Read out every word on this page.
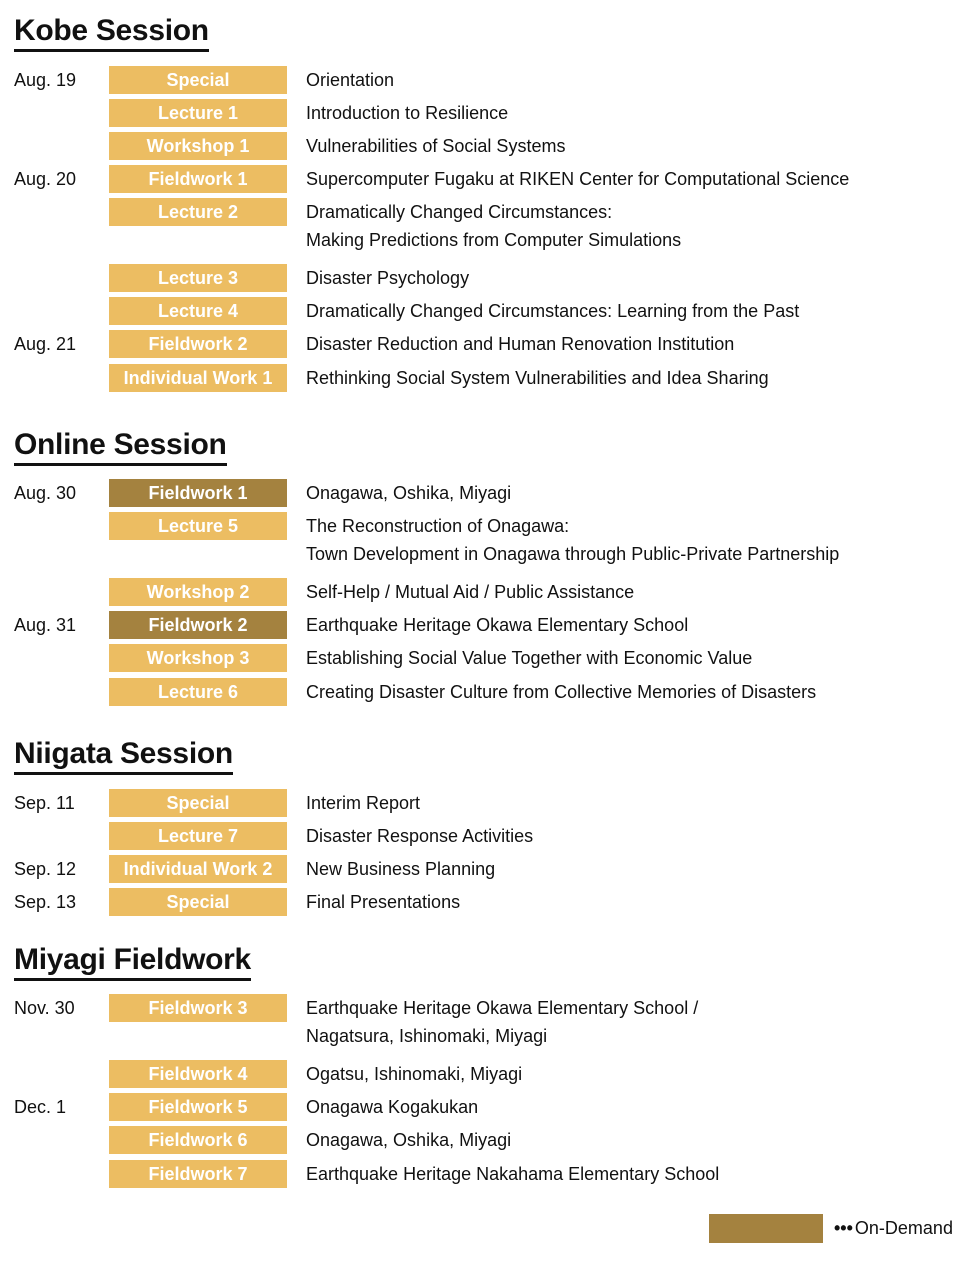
Kobe Session
Aug. 19	Special	Orientation
Lecture 1	Introduction to Resilience
Workshop 1	Vulnerabilities of Social Systems
Aug. 20	Fieldwork 1	Supercomputer Fugaku at RIKEN Center for Computational Science
Lecture 2	Dramatically Changed Circumstances:
Making Predictions from Computer Simulations
Lecture 3	Disaster Psychology
Lecture 4	Dramatically Changed Circumstances: Learning from the Past
Aug. 21	Fieldwork 2	Disaster Reduction and Human Renovation Institution
Individual Work 1	Rethinking Social System Vulnerabilities and Idea Sharing
Online Session
Aug. 30	Fieldwork 1	Onagawa, Oshika, Miyagi
Lecture 5	The Reconstruction of Onagawa:
Town Development in Onagawa through Public-Private Partnership
Workshop 2	Self-Help / Mutual Aid / Public Assistance
Aug. 31	Fieldwork 2	Earthquake Heritage Okawa Elementary School
Workshop 3	Establishing Social Value Together with Economic Value
Lecture 6	Creating Disaster Culture from Collective Memories of Disasters
Niigata Session
Sep. 11	Special	Interim Report
Lecture 7	Disaster Response Activities
Sep. 12	Individual Work 2	New Business Planning
Sep. 13	Special	Final Presentations
Miyagi Fieldwork
Nov. 30	Fieldwork 3	Earthquake Heritage Okawa Elementary School /
Nagatsura, Ishinomaki, Miyagi
Fieldwork 4	Ogatsu, Ishinomaki, Miyagi
Dec. 1	Fieldwork 5	Onagawa Kogakukan
Fieldwork 6	Onagawa, Oshika, Miyagi
Fieldwork 7	Earthquake Heritage Nakahama Elementary School
••• On-Demand
